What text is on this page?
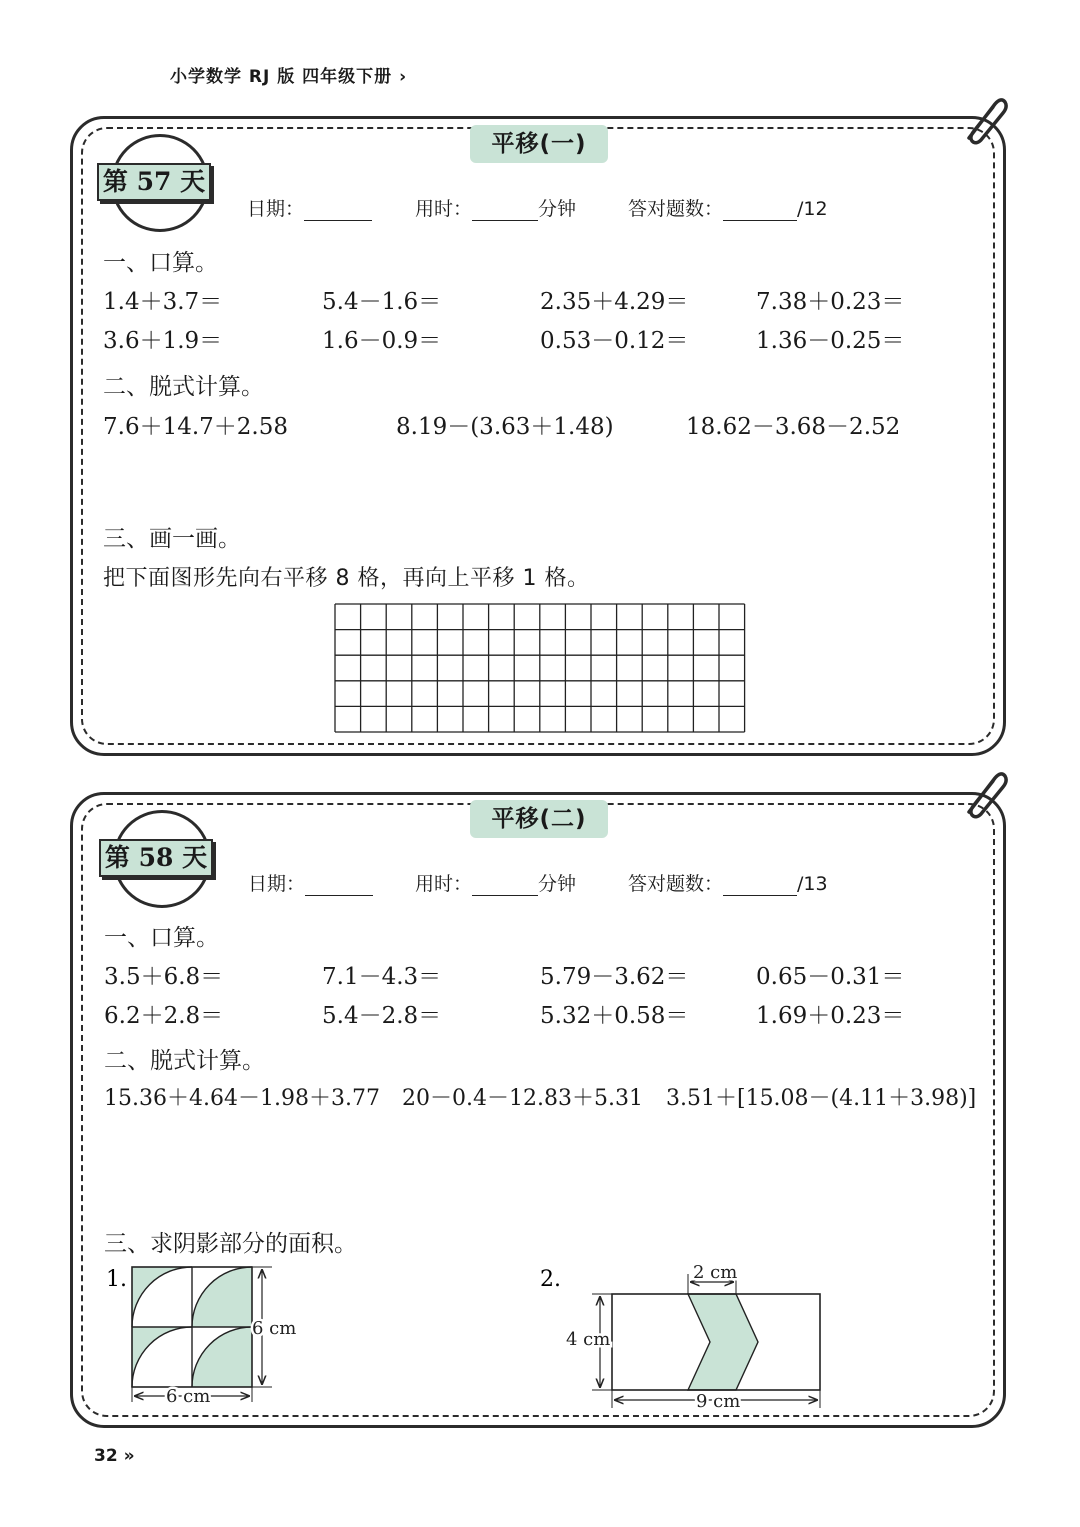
小学数学 RJ 版 四年级下册 ›
平移(一)
第 57 天
日期：	用时：	分钟	答对题数：	/12
一、口算。
1.4＋3.7＝	5.4－1.6＝	2.35＋4.29＝	7.38＋0.23＝
3.6＋1.9＝	1.6－0.9＝	0.53－0.12＝	1.36－0.25＝
二、脱式计算。
7.6＋14.7＋2.58	8.19－(3.63＋1.48)	18.62－3.68－2.52
三、画一画。
把下面图形先向右平移 8 格，再向上平移 1 格。
平移(二)
第 58 天
日期：	用时：	分钟	答对题数：	/13
一、口算。
3.5＋6.8＝	7.1－4.3＝	5.79－3.62＝	0.65－0.31＝
6.2＋2.8＝	5.4－2.8＝	5.32＋0.58＝	1.69＋0.23＝
二、脱式计算。
15.36＋4.64－1.98＋3.77 20－0.4－12.83＋5.31 3.51＋[15.08－(4.11＋3.98)]
三、求阴影部分的面积。
1.
6 cm
6 cm
2.	2 cm
4 cm
9 cm
32 »
